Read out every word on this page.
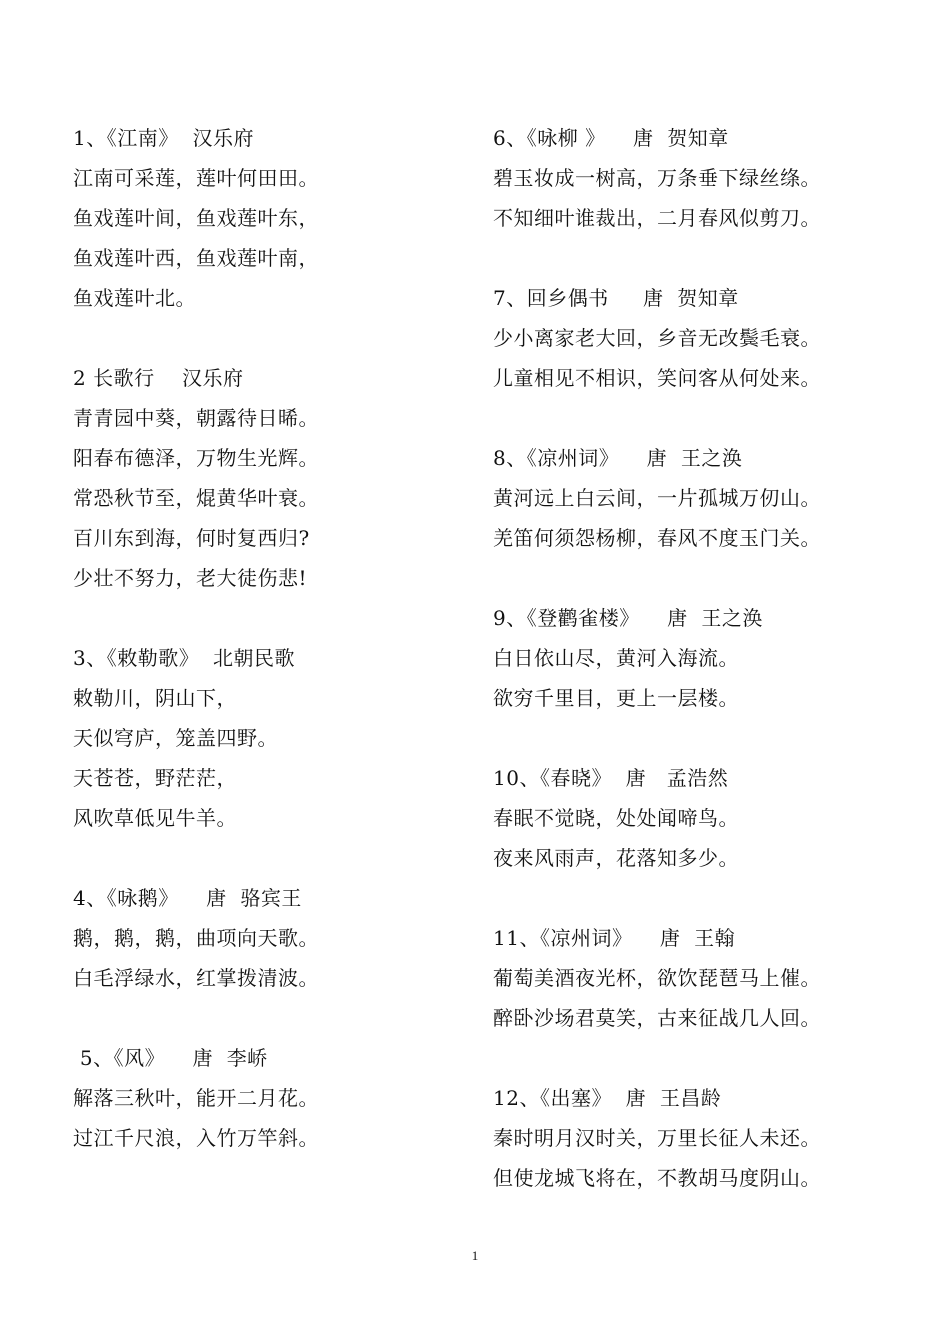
1、《江南》  汉乐府
江南可采莲，莲叶何田田。
鱼戏莲叶间，鱼戏莲叶东，
鱼戏莲叶西，鱼戏莲叶南，
鱼戏莲叶北。
2 长歌行    汉乐府
青青园中葵，朝露待日晞。
阳春布德泽，万物生光辉。
常恐秋节至，焜黄华叶衰。
百川东到海，何时复西归?
少壮不努力，老大徒伤悲!
3、《敕勒歌》  北朝民歌
敕勒川，阴山下，
天似穹庐，笼盖四野。
天苍苍，野茫茫，
风吹草低见牛羊。
4、《咏鹅》    唐  骆宾王
鹅，鹅，鹅，曲项向天歌。
白毛浮绿水，红掌拨清波。
5、《风》    唐  李峤
解落三秋叶，能开二月花。
过江千尺浪，入竹万竿斜。
6、《咏柳 》    唐  贺知章
碧玉妆成一树高，万条垂下绿丝绦。
不知细叶谁裁出，二月春风似剪刀。
7、回乡偶书     唐  贺知章
少小离家老大回，乡音无改鬓毛衰。
儿童相见不相识，笑问客从何处来。
8、《凉州词》    唐  王之涣
黄河远上白云间，一片孤城万仞山。
羌笛何须怨杨柳，春风不度玉门关。
9、《登鹳雀楼》    唐  王之涣
白日依山尽，黄河入海流。
欲穷千里目，更上一层楼。
10、《春晓》  唐   孟浩然
春眠不觉晓，处处闻啼鸟。
夜来风雨声，花落知多少。
11、《凉州词》    唐  王翰
葡萄美酒夜光杯，欲饮琵琶马上催。
醉卧沙场君莫笑，古来征战几人回。
12、《出塞》  唐  王昌龄
秦时明月汉时关，万里长征人未还。
但使龙城飞将在，不教胡马度阴山。
1
